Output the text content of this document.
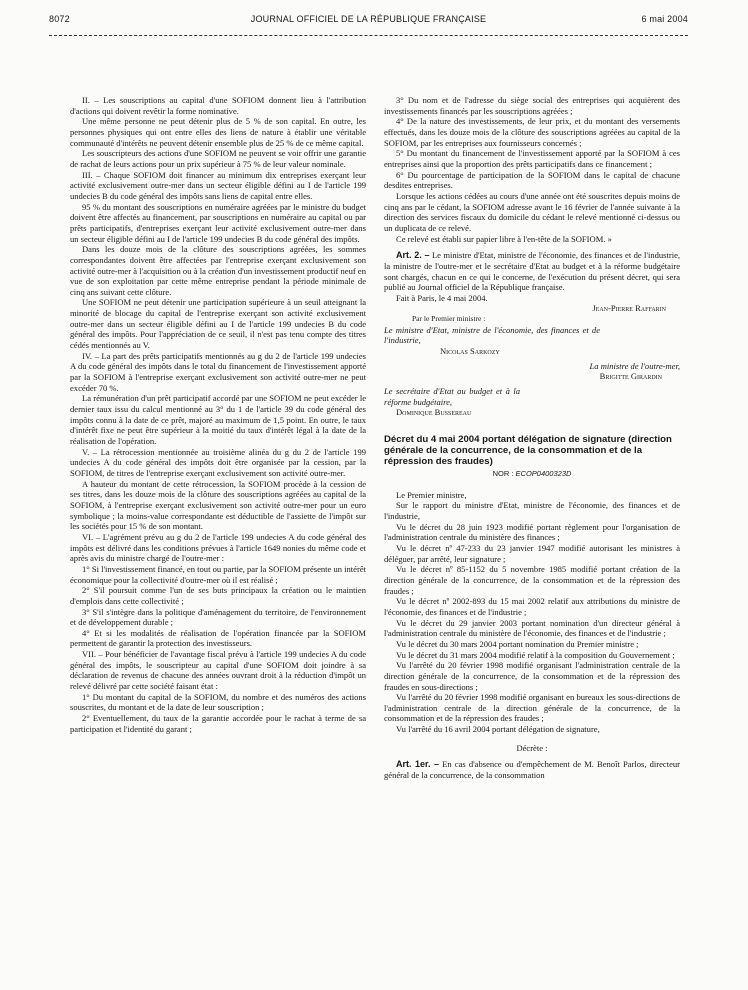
8072	JOURNAL OFFICIEL DE LA RÉPUBLIQUE FRANÇAISE	6 mai 2004

II. – Les souscriptions au capital d'une SOFIOM donnent lieu à l'attribution d'actions qui doivent revêtir la forme nominative.

Une même personne ne peut détenir plus de 5 % de son capital. En outre, les personnes physiques qui ont entre elles des liens de nature à établir une véritable communauté d'intérêts ne peuvent détenir ensemble plus de 25 % de ce même capital.

Les souscripteurs des actions d'une SOFIOM ne peuvent se voir offrir une garantie de rachat de leurs actions pour un prix supérieur à 75 % de leur valeur nominale.

III. – Chaque SOFIOM doit financer au minimum dix entreprises exerçant leur activité exclusivement outre-mer dans un secteur éligible défini au I de l'article 199 undecies B du code général des impôts sans liens de capital entre elles.

95 % du montant des souscriptions en numéraire agréées par le ministre du budget doivent être affectés au financement, par souscriptions en numéraire au capital ou par prêts participatifs, d'entreprises exerçant leur activité exclusivement outre-mer dans un secteur éligible défini au I de l'article 199 undecies B du code général des impôts.

Dans les douze mois de la clôture des souscriptions agréées, les sommes correspondantes doivent être affectées par l'entreprise exerçant exclusivement son activité outre-mer à l'acquisition ou à la création d'un investissement productif neuf en vue de son exploitation par cette même entreprise pendant la période minimale de cinq ans suivant cette clôture.

Une SOFIOM ne peut détenir une participation supérieure à un seuil atteignant la minorité de blocage du capital de l'entreprise exerçant son activité exclusivement outre-mer dans un secteur éligible défini au I de l'article 199 undecies B du code général des impôts. Pour l'appréciation de ce seuil, il n'est pas tenu compte des titres cédés mentionnés au V.

IV. – La part des prêts participatifs mentionnés au g du 2 de l'article 199 undecies A du code général des impôts dans le total du financement de l'investissement apporté par la SOFIOM à l'entreprise exerçant exclusivement son activité outre-mer ne peut excéder 70 %.

La rémunération d'un prêt participatif accordé par une SOFIOM ne peut excéder le dernier taux issu du calcul mentionné au 3° du 1 de l'article 39 du code général des impôts connu à la date de ce prêt, majoré au maximum de 1,5 point. En outre, le taux d'intérêt fixe ne peut être supérieur à la moitié du taux d'intérêt légal à la date de la réalisation de l'opération.

V. – La rétrocession mentionnée au troisième alinéa du g du 2 de l'article 199 undecies A du code général des impôts doit être organisée par la cession, par la SOFIOM, de titres de l'entreprise exerçant exclusivement son activité outre-mer.

A hauteur du montant de cette rétrocession, la SOFIOM procède à la cession de ses titres, dans les douze mois de la clôture des souscriptions agréées au capital de la SOFIOM, à l'entreprise exerçant exclusivement son activité outre-mer pour un euro symbolique ; la moins-value correspondante est déductible de l'assiette de l'impôt sur les sociétés pour 15 % de son montant.

VI. – L'agrément prévu au g du 2 de l'article 199 undecies A du code général des impôts est délivré dans les conditions prévues à l'article 1649 nonies du même code et après avis du ministre chargé de l'outre-mer :

1° Si l'investissement financé, en tout ou partie, par la SOFIOM présente un intérêt économique pour la collectivité d'outre-mer où il est réalisé ;

2° S'il poursuit comme l'un de ses buts principaux la création ou le maintien d'emplois dans cette collectivité ;

3° S'il s'intègre dans la politique d'aménagement du territoire, de l'environnement et de développement durable ;

4° Et si les modalités de réalisation de l'opération financée par la SOFIOM permettent de garantir la protection des investisseurs.

VII. – Pour bénéficier de l'avantage fiscal prévu à l'article 199 undecies A du code général des impôts, le souscripteur au capital d'une SOFIOM doit joindre à sa déclaration de revenus de chacune des années ouvrant droit à la réduction d'impôt un relevé délivré par cette société faisant état :

1° Du montant du capital de la SOFIOM, du nombre et des numéros des actions souscrites, du montant et de la date de leur souscription ;

2° Eventuellement, du taux de la garantie accordée pour le rachat à terme de sa participation et l'identité du garant ;

3° Du nom et de l'adresse du siège social des entreprises qui acquièrent des investissements financés par les souscriptions agréées ;

4° De la nature des investissements, de leur prix, et du montant des versements effectués, dans les douze mois de la clôture des souscriptions agréées au capital de la SOFIOM, par les entreprises aux fournisseurs concernés ;

5° Du montant du financement de l'investissement apporté par la SOFIOM à ces entreprises ainsi que la proportion des prêts participatifs dans ce financement ;

6° Du pourcentage de participation de la SOFIOM dans le capital de chacune desdites entreprises.

Lorsque les actions cédées au cours d'une année ont été souscrites depuis moins de cinq ans par le cédant, la SOFIOM adresse avant le 16 février de l'année suivante à la direction des services fiscaux du domicile du cédant le relevé mentionné ci-dessus ou un duplicata de ce relevé.

Ce relevé est établi sur papier libre à l'en-tête de la SOFIOM. »

Art. 2. – Le ministre d'Etat, ministre de l'économie, des finances et de l'industrie, la ministre de l'outre-mer et le secrétaire d'Etat au budget et à la réforme budgétaire sont chargés, chacun en ce qui le concerne, de l'exécution du présent décret, qui sera publié au Journal officiel de la République française.

Fait à Paris, le 4 mai 2004.

Jean-Pierre Raffarin

Par le Premier ministre :

Le ministre d'Etat, ministre de l'économie, des finances et de l'industrie,

Nicolas Sarkozy

La ministre de l'outre-mer,

Brigitte Girardin

Le secrétaire d'Etat au budget et à la réforme budgétaire,

Dominique Bussereau

Décret du 4 mai 2004 portant délégation de signature (direction générale de la concurrence, de la consommation et de la répression des fraudes)

NOR : ECOP0400323D

Le Premier ministre,

Sur le rapport du ministre d'Etat, ministre de l'économie, des finances et de l'industrie,

Vu le décret du 28 juin 1923 modifié portant règlement pour l'organisation de l'administration centrale du ministère des finances ;

Vu le décret nº 47-233 du 23 janvier 1947 modifié autorisant les ministres à déléguer, par arrêté, leur signature ;

Vu le décret nº 85-1152 du 5 novembre 1985 modifié portant création de la direction générale de la concurrence, de la consommation et de la répression des fraudes ;

Vu le décret nº 2002-893 du 15 mai 2002 relatif aux attributions du ministre de l'économie, des finances et de l'industrie ;

Vu le décret du 29 janvier 2003 portant nomination d'un directeur général à l'administration centrale du ministère de l'économie, des finances et de l'industrie ;

Vu le décret du 30 mars 2004 portant nomination du Premier ministre ;

Vu le décret du 31 mars 2004 modifié relatif à la composition du Gouvernement ;

Vu l'arrêté du 20 février 1998 modifié organisant l'administration centrale de la direction générale de la concurrence, de la consommation et de la répression des fraudes en sous-directions ;

Vu l'arrêté du 20 février 1998 modifié organisant en bureaux les sous-directions de l'administration centrale de la direction générale de la concurrence, de la consommation et de la répression des fraudes ;

Vu l'arrêté du 16 avril 2004 portant délégation de signature,

Décrète :

Art. 1er. – En cas d'absence ou d'empêchement de M. Benoît Parlos, directeur général de la concurrence, de la consommation
